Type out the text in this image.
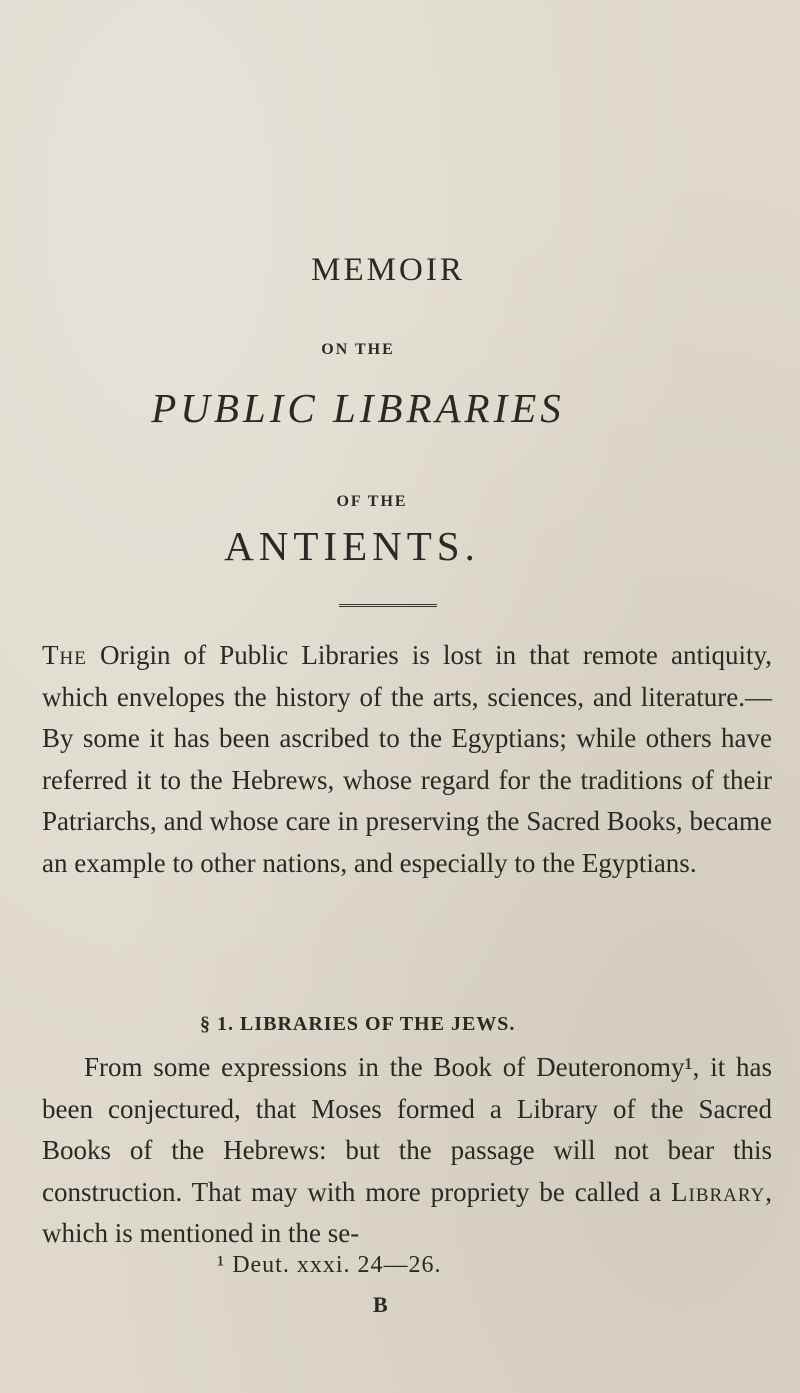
MEMOIR
ON THE
PUBLIC LIBRARIES
OF THE
ANTIENTS.

The Origin of Public Libraries is lost in that remote antiquity, which envelopes the history of the arts, sciences, and literature.—By some it has been ascribed to the Egyptians; while others have referred it to the Hebrews, whose regard for the traditions of their Patriarchs, and whose care in preserving the Sacred Books, became an example to other nations, and especially to the Egyptians.

§ 1. LIBRARIES OF THE JEWS.

From some expressions in the Book of Deuteronomy¹, it has been conjectured, that Moses formed a Library of the Sacred Books of the Hebrews: but the passage will not bear this construction. That may with more propriety be called a Library, which is mentioned in the se-

¹ Deut. xxxi. 24—26.

B
